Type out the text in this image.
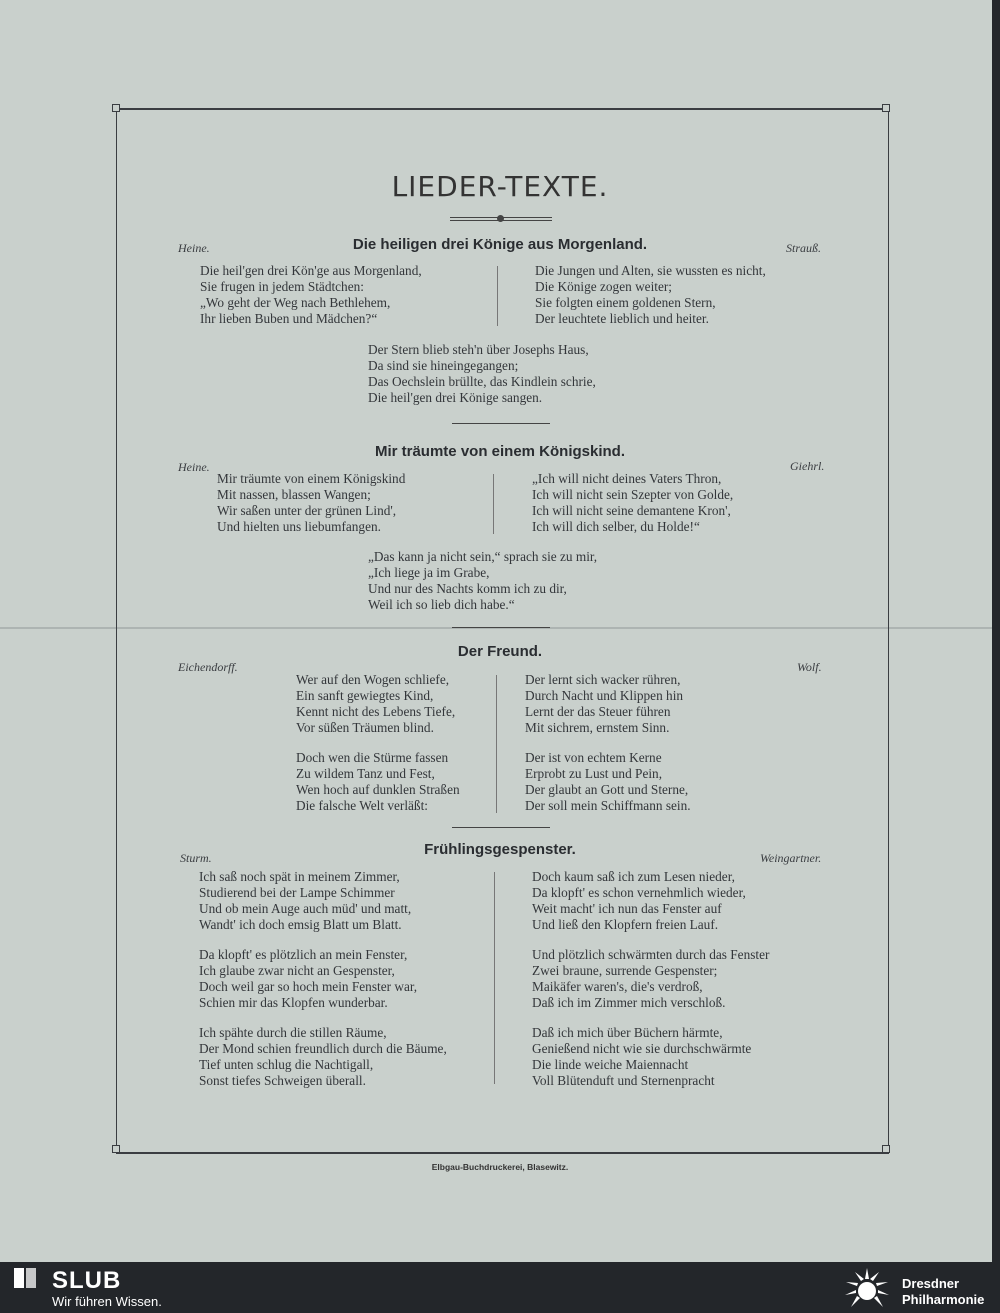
LIEDER-TEXTE.
Die heiligen drei Könige aus Morgenland.
Heine.	Strauß.
Die heil'gen drei Kön'ge aus Morgenland,
Sie frugen in jedem Städtchen:
„Wo geht der Weg nach Bethlehem,
Ihr lieben Buben und Mädchen?“
Die Jungen und Alten, sie wussten es nicht,
Die Könige zogen weiter;
Sie folgten einem goldenen Stern,
Der leuchtete lieblich und heiter.
Der Stern blieb steh'n über Josephs Haus,
Da sind sie hineingegangen;
Das Oechslein brüllte, das Kindlein schrie,
Die heil'gen drei Könige sangen.
Mir träumte von einem Königskind.
Heine.	Giehrl.
Mir träumte von einem Königskind
Mit nassen, blassen Wangen;
Wir saßen unter der grünen Lind',
Und hielten uns liebumfangen.
„Ich will nicht deines Vaters Thron,
Ich will nicht sein Szepter von Golde,
Ich will nicht seine demantene Kron',
Ich will dich selber, du Holde!“
„Das kann ja nicht sein,“ sprach sie zu mir,
„Ich liege ja im Grabe,
Und nur des Nachts komm ich zu dir,
Weil ich so lieb dich habe.“
Der Freund.
Eichendorff.	Wolf.
Wer auf den Wogen schliefe,
Ein sanft gewiegtes Kind,
Kennt nicht des Lebens Tiefe,
Vor süßen Träumen blind.
Der lernt sich wacker rühren,
Durch Nacht und Klippen hin
Lernt der das Steuer führen
Mit sichrem, ernstem Sinn.
Doch wen die Stürme fassen
Zu wildem Tanz und Fest,
Wen hoch auf dunklen Straßen
Die falsche Welt verläßt:
Der ist von echtem Kerne
Erprobt zu Lust und Pein,
Der glaubt an Gott und Sterne,
Der soll mein Schiffmann sein.
Frühlingsgespenster.
Sturm.	Weingartner.
Ich saß noch spät in meinem Zimmer,
Studierend bei der Lampe Schimmer
Und ob mein Auge auch müd' und matt,
Wandt' ich doch emsig Blatt um Blatt.
Doch kaum saß ich zum Lesen nieder,
Da klopft' es schon vernehmlich wieder,
Weit macht' ich nun das Fenster auf
Und ließ den Klopfern freien Lauf.
Da klopft' es plötzlich an mein Fenster,
Ich glaube zwar nicht an Gespenster,
Doch weil gar so hoch mein Fenster war,
Schien mir das Klopfen wunderbar.
Und plötzlich schwärmten durch das Fenster
Zwei braune, surrende Gespenster;
Maikäfer waren's, die's verdroß,
Daß ich im Zimmer mich verschloß.
Ich spähte durch die stillen Räume,
Der Mond schien freundlich durch die Bäume,
Tief unten schlug die Nachtigall,
Sonst tiefes Schweigen überall.
Daß ich mich über Büchern härmte,
Genießend nicht wie sie durchschwärmte
Die linde weiche Maiennacht
Voll Blütenduft und Sternenpracht
Elbgau-Buchdruckerei, Blasewitz.
SLUB
Wir führen Wissen.
Dresdner
Philharmonie
